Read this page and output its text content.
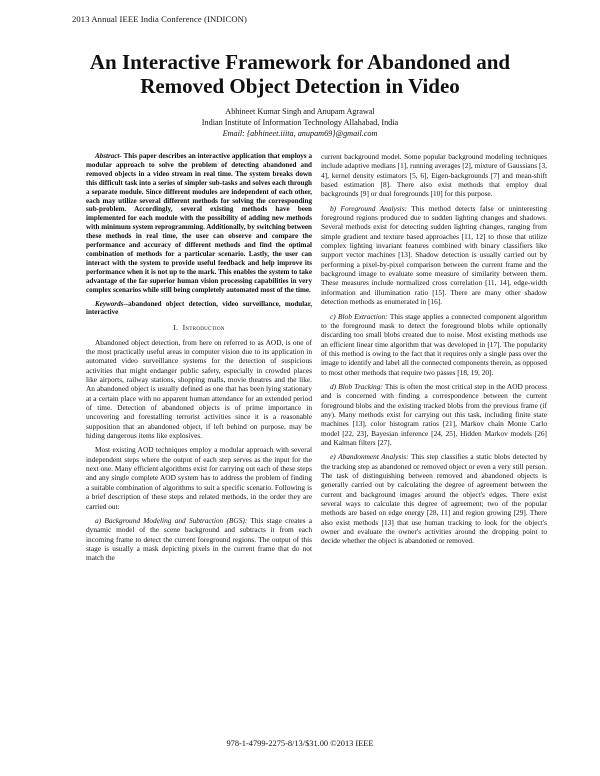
2013 Annual IEEE India Conference (INDICON)
An Interactive Framework for Abandoned and
Removed Object Detection in Video
Abhineet Kumar Singh and Anupam Agrawal
Indian Institute of Information Technology Allahabad, India
Email: {abhineet.iiita, anupam69}@gmail.com

Abstract- This paper describes an interactive application that employs a modular approach to solve the problem of detecting abandoned and removed objects in a video stream in real time. The system breaks down this difficult task into a series of simpler sub-tasks and solves each through a separate module. Since different modules are independent of each other, each may utilize several different methods for solving the corresponding sub-problem. Accordingly, several existing methods have been implemented for each module with the possibility of adding new methods with minimum system reprogramming. Additionally, by switching between these methods in real time, the user can observe and compare the performance and accuracy of different methods and find the optimal combination of methods for a particular scenario. Lastly, the user can interact with the system to provide useful feedback and help improve its performance when it is not up to the mark. This enables the system to take advantage of the far superior human vision processing capabilities in very complex scenarios while still being completely automated most of the time.

Keywords--abandoned object detection, video surveillance, modular, interactive

I. Introduction

Abandoned object detection, from here on referred to as AOD, is one of the most practically useful areas in computer vision due to its application in automated video surveillance systems for the detection of suspicious activities that might endanger public safety, especially in crowded places like airports, railway stations, shopping malls, movie theatres and the like. An abandoned object is usually defined as one that has been lying stationary at a certain place with no apparent human attendance for an extended period of time. Detection of abandoned objects is of prime importance in uncovering and forestalling terrorist activities since it is a reasonable supposition that an abandoned object, if left behind on purpose, may be hiding dangerous items like explosives.

Most existing AOD techniques employ a modular approach with several independent steps where the output of each step serves as the input for the next one. Many efficient algorithms exist for carrying out each of these steps and any single complete AOD system has to address the problem of finding a suitable combination of algorithms to suit a specific scenario. Following is a brief description of these steps and related methods, in the order they are carried out:

a) Background Modeling and Subtraction (BGS): This stage creates a dynamic model of the scene background and subtracts it from each incoming frame to detect the current foreground regions. The output of this stage is usually a mask depicting pixels in the current frame that do not match the

current background model. Some popular background modeling techniques include adaptive medians [1], running averages [2], mixture of Gaussians [3, 4], kernel density estimators [5, 6], Eigen-backgrounds [7] and mean-shift based estimation [8]. There also exist methods that employ dual backgrounds [9] or dual foregrounds [10] for this purpose.

b) Foreground Analysis: This method detects false or uninteresting foreground regions produced due to sudden lighting changes and shadows. Several methods exist for detecting sudden lighting changes, ranging from simple gradient and texture based approaches [11, 12] to those that utilize complex lighting invariant features combined with binary classifiers like support vector machines [13]. Shadow detection is usually carried out by performing a pixel-by-pixel comparison between the current frame and the background image to evaluate some measure of similarity between them. These measures include normalized cross correlation [11, 14], edge-width information and illumination ratio [15]. There are many other shadow detection methods as enumerated in [16].

c) Blob Extraction: This stage applies a connected component algorithm to the foreground mask to detect the foreground blobs while optionally discarding too small blobs created due to noise. Most existing methods use an efficient linear time algorithm that was developed in [17]. The popularity of this method is owing to the fact that it requires only a single pass over the image to identify and label all the connected components therein, as opposed to most other methods that require two passes [18, 19, 20].

d) Blob Tracking: This is often the most critical step in the AOD process and is concerned with finding a correspondence between the current foreground blobs and the existing tracked blobs from the previous frame (if any). Many methods exist for carrying out this task, including finite state machines [13], color histogram ratios [21], Markov chain Monte Carlo model [22, 23], Bayesian inference [24, 25], Hidden Markov models [26] and Kalman filters [27].

e) Abandonment Analysis: This step classifies a static blobs detected by the tracking step as abandoned or removed object or even a very still person. The task of distinguishing between removed and abandoned objects is generally carried out by calculating the degree of agreement between the current and background images around the object's edges. There exist several ways to calculate this degree of agreement; two of the popular methods are based on edge energy [28, 11] and region growing [29]. There also exist methods [13] that use human tracking to look for the object's owner and evaluate the owner's activities around the dropping point to decide whether the object is abandoned or removed.

978-1-4799-2275-8/13/$31.00 ©2013 IEEE
